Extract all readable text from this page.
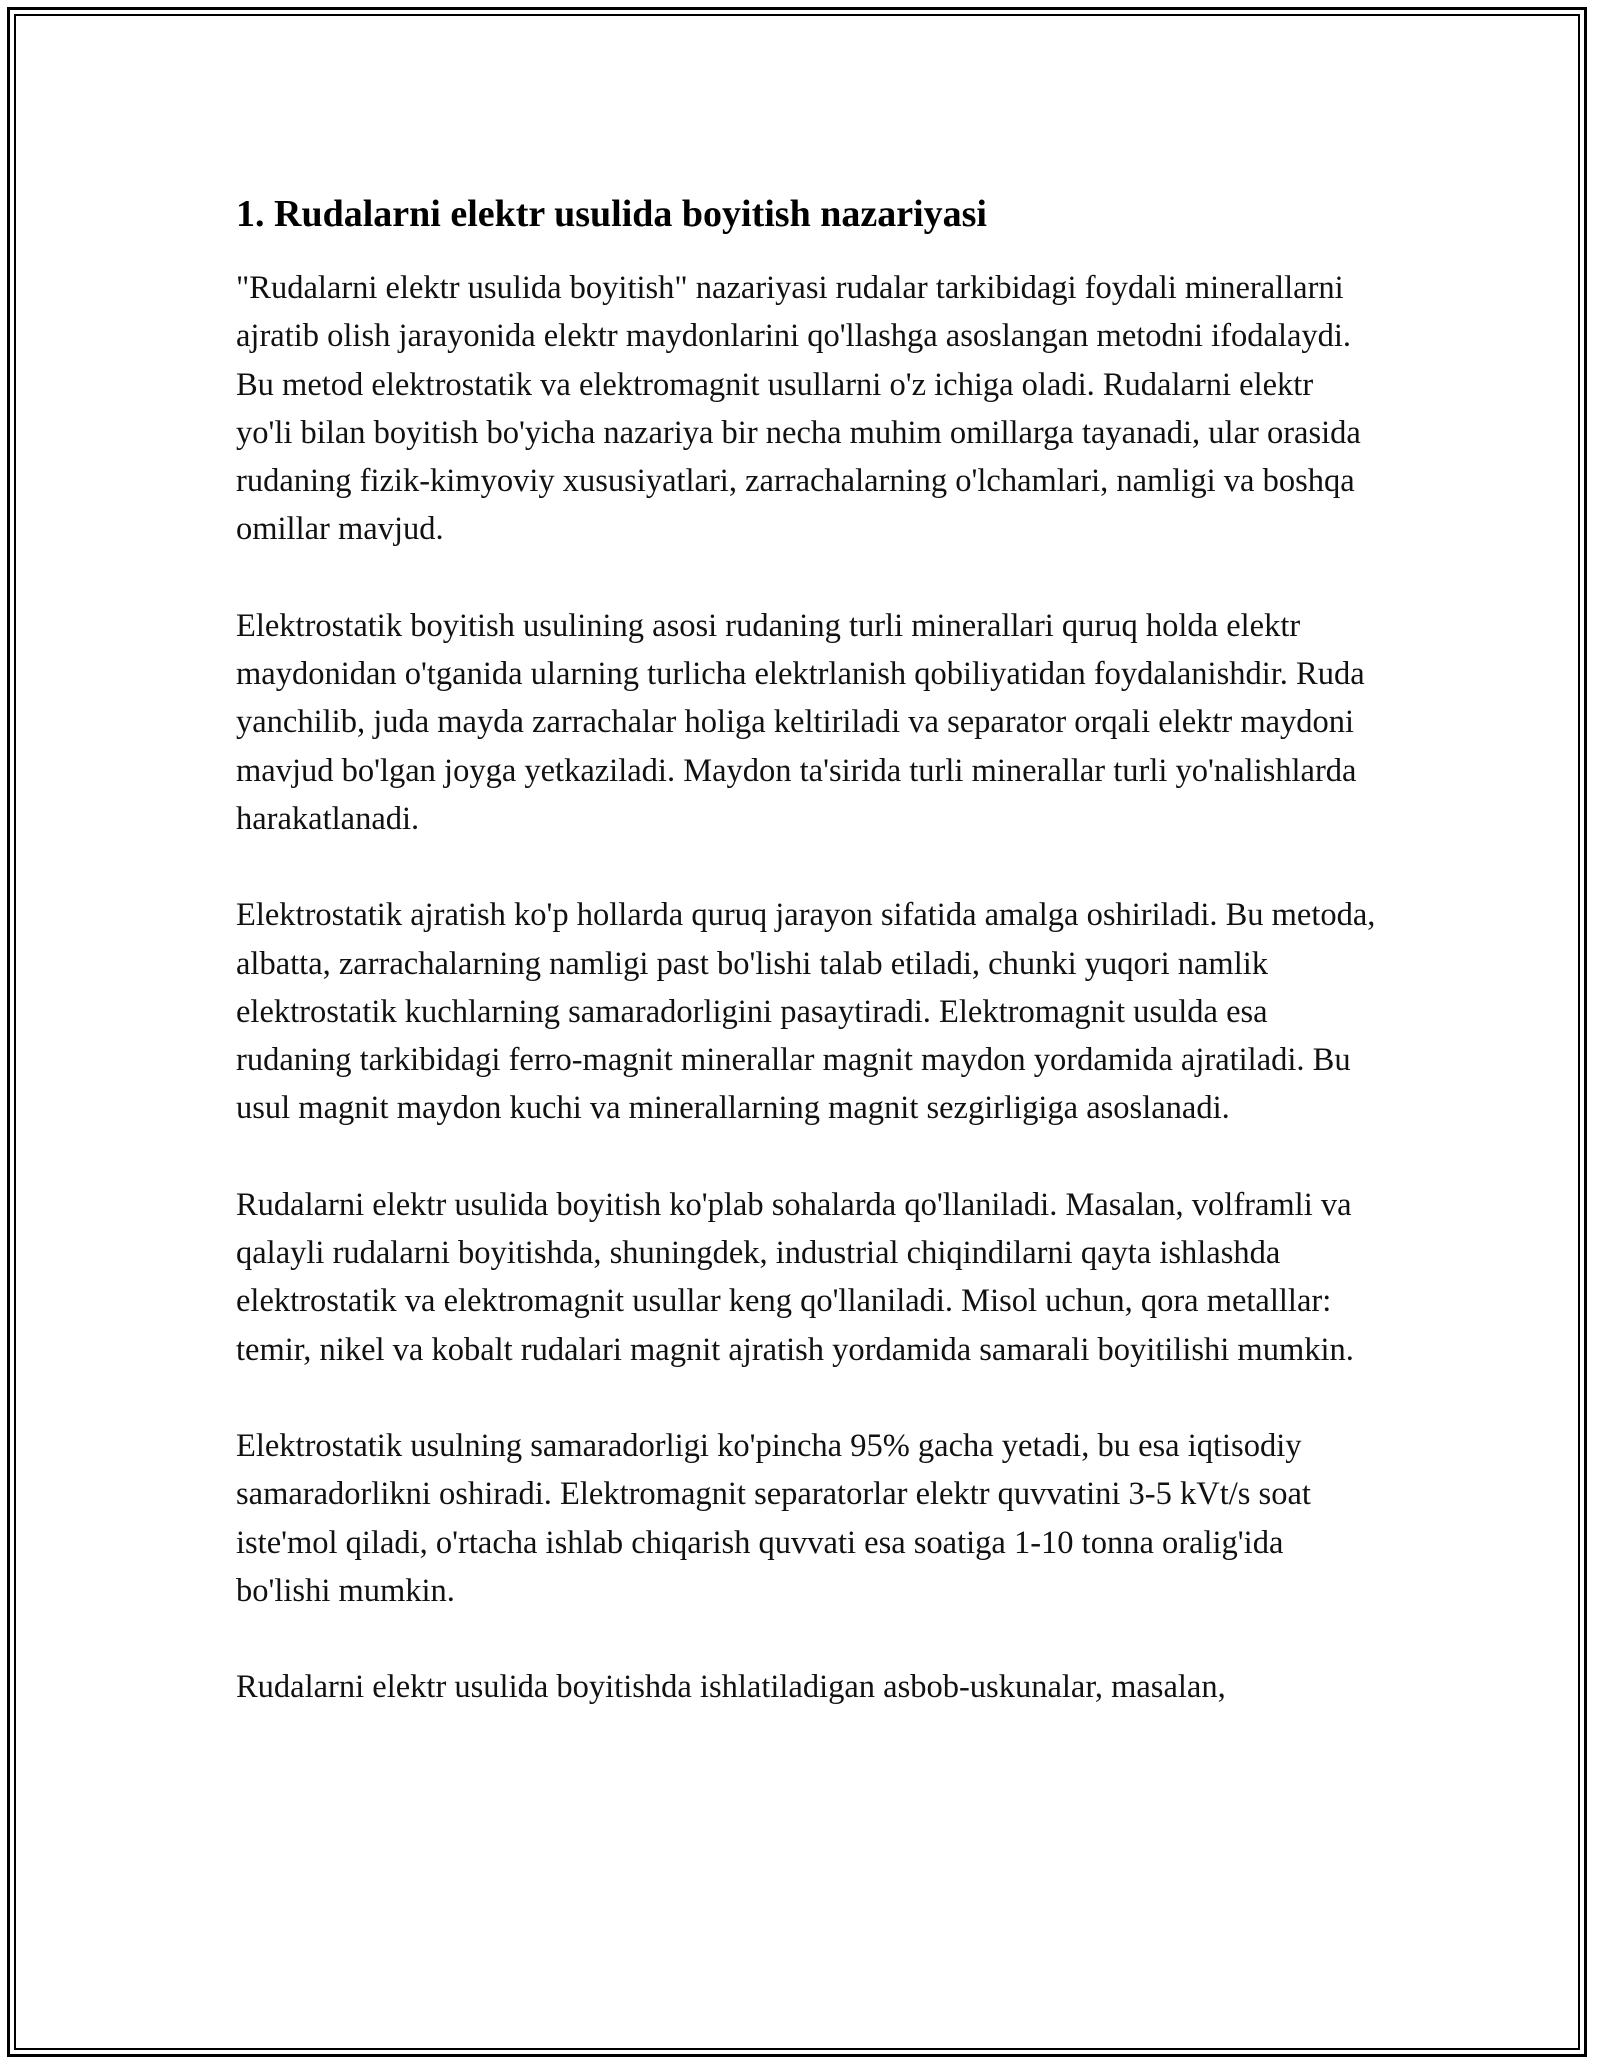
1. Rudalarni elektr usulida boyitish nazariyasi

"Rudalarni elektr usulida boyitish" nazariyasi rudalar tarkibidagi foydali minerallarni ajratib olish jarayonida elektr maydonlarini qo'llashga asoslangan metodni ifodalaydi. Bu metod elektrostatik va elektromagnit usullarni o'z ichiga oladi. Rudalarni elektr yo'li bilan boyitish bo'yicha nazariya bir necha muhim omillarga tayanadi, ular orasida rudaning fizik-kimyoviy xususiyatlari, zarrachalarning o'lchamlari, namligi va boshqa omillar mavjud.

Elektrostatik boyitish usulining asosi rudaning turli minerallari quruq holda elektr maydonidan o'tganida ularning turlicha elektrlanish qobiliyatidan foydalanishdir. Ruda yanchilib, juda mayda zarrachalar holiga keltiriladi va separator orqali elektr maydoni mavjud bo'lgan joyga yetkaziladi. Maydon ta'sirida turli minerallar turli yo'nalishlarda harakatlanadi.

Elektrostatik ajratish ko'p hollarda quruq jarayon sifatida amalga oshiriladi. Bu metoda, albatta, zarrachalarning namligi past bo'lishi talab etiladi, chunki yuqori namlik elektrostatik kuchlarning samaradorligini pasaytiradi. Elektromagnit usulda esa rudaning tarkibidagi ferro-magnit minerallar magnit maydon yordamida ajratiladi. Bu usul magnit maydon kuchi va minerallarning magnit sezgirligiga asoslanadi.

Rudalarni elektr usulida boyitish ko'plab sohalarda qo'llaniladi. Masalan, volframli va qalayli rudalarni boyitishda, shuningdek, industrial chiqindilarni qayta ishlashda elektrostatik va elektromagnit usullar keng qo'llaniladi. Misol uchun, qora metalllar: temir, nikel va kobalt rudalari magnit ajratish yordamida samarali boyitilishi mumkin.

Elektrostatik usulning samaradorligi ko'pincha 95% gacha yetadi, bu esa iqtisodiy samaradorlikni oshiradi. Elektromagnit separatorlar elektr quvvatini 3-5 kVt/s soat iste'mol qiladi, o'rtacha ishlab chiqarish quvvati esa soatiga 1-10 tonna oralig'ida bo'lishi mumkin.

Rudalarni elektr usulida boyitishda ishlatiladigan asbob-uskunalar, masalan,
